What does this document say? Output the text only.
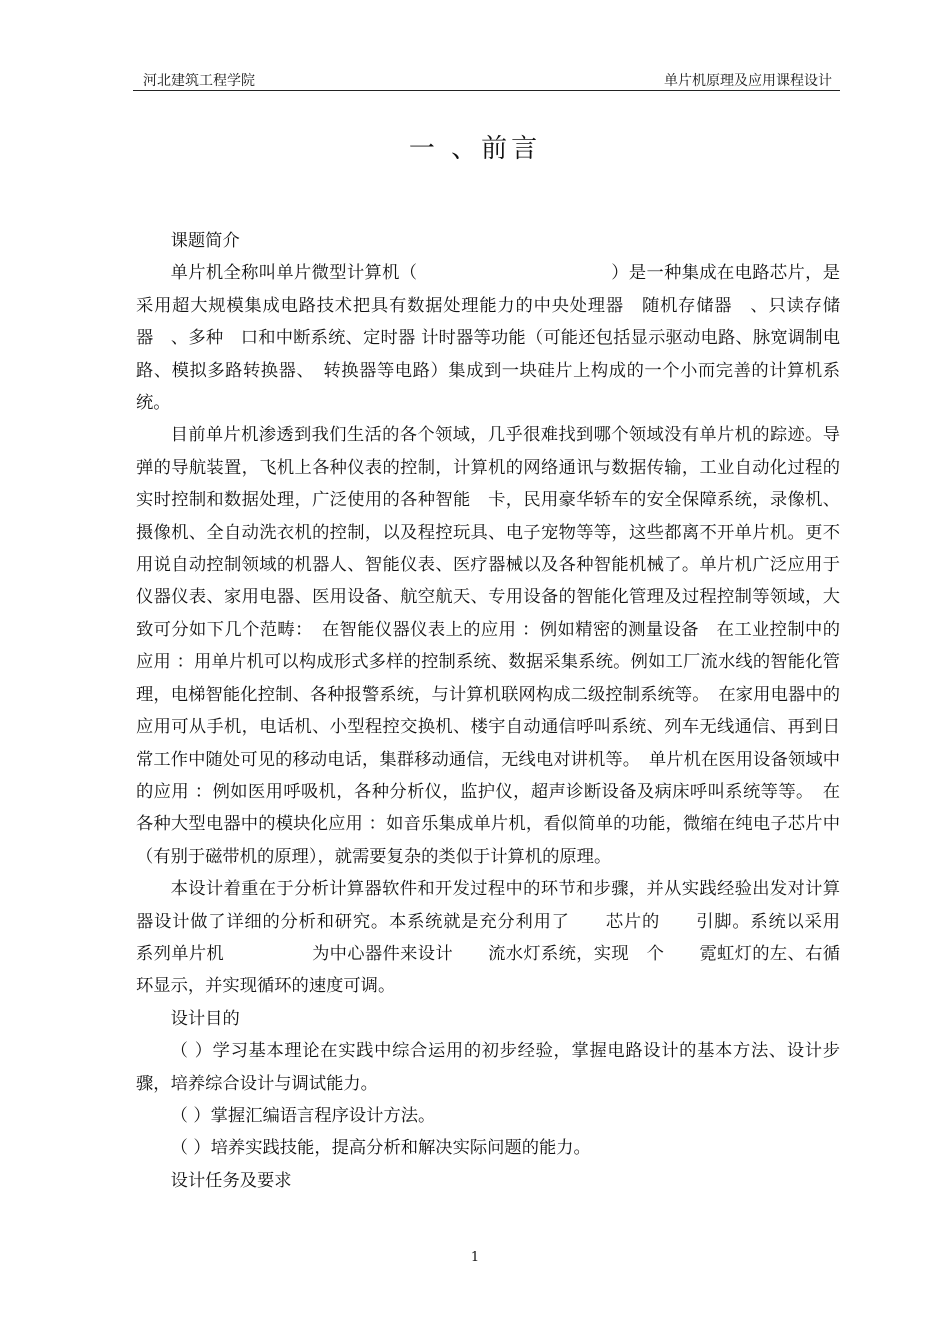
河北建筑工程学院	单片机原理及应用课程设计
一 、前言

课题简介

单片机全称叫单片微型计算机（　　　　　　　　　　　）是一种集成在电路芯片，是采用超大规模集成电路技术把具有数据处理能力的中央处理器　随机存储器　、只读存储器　、多种　口和中断系统、定时器 计时器等功能（可能还包括显示驱动电路、脉宽调制电路、模拟多路转换器、　转换器等电路）集成到一块硅片上构成的一个小而完善的计算机系统。

目前单片机渗透到我们生活的各个领域，几乎很难找到哪个领域没有单片机的踪迹。导弹的导航装置，飞机上各种仪表的控制，计算机的网络通讯与数据传输，工业自动化过程的实时控制和数据处理，广泛使用的各种智能　卡，民用豪华轿车的安全保障系统，录像机、摄像机、全自动洗衣机的控制，以及程控玩具、电子宠物等等，这些都离不开单片机。更不用说自动控制领域的机器人、智能仪表、医疗器械以及各种智能机械了。单片机广泛应用于仪器仪表、家用电器、医用设备、航空航天、专用设备的智能化管理及过程控制等领域，大致可分如下几个范畴：　在智能仪器仪表上的应用 ：例如精密的测量设备　在工业控制中的应用 ：用单片机可以构成形式多样的控制系统、数据采集系统。例如工厂流水线的智能化管理，电梯智能化控制、各种报警系统，与计算机联网构成二级控制系统等。　在家用电器中的应用可从手机，电话机、小型程控交换机、楼宇自动通信呼叫系统、列车无线通信、再到日常工作中随处可见的移动电话，集群移动通信，无线电对讲机等。　单片机在医用设备领域中的应用 ：例如医用呼吸机，各种分析仪，监护仪，超声诊断设备及病床呼叫系统等等。　在各种大型电器中的模块化应用 ：如音乐集成单片机，看似简单的功能，微缩在纯电子芯片中（有别于磁带机的原理），就需要复杂的类似于计算机的原理。

本设计着重在于分析计算器软件和开发过程中的环节和步骤，并从实践经验出发对计算器设计做了详细的分析和研究。本系统就是充分利用了　　芯片的　　引脚。系统以采用　　　系列单片机　　　　　为中心器件来设计　　流水灯系统，实现　个　　霓虹灯的左、右循环显示，并实现循环的速度可调。

设计目的

（ ）学习基本理论在实践中综合运用的初步经验，掌握电路设计的基本方法、设计步骤，培养综合设计与调试能力。

（ ）掌握汇编语言程序设计方法。

（ ）培养实践技能，提高分析和解决实际问题的能力。

设计任务及要求

1
